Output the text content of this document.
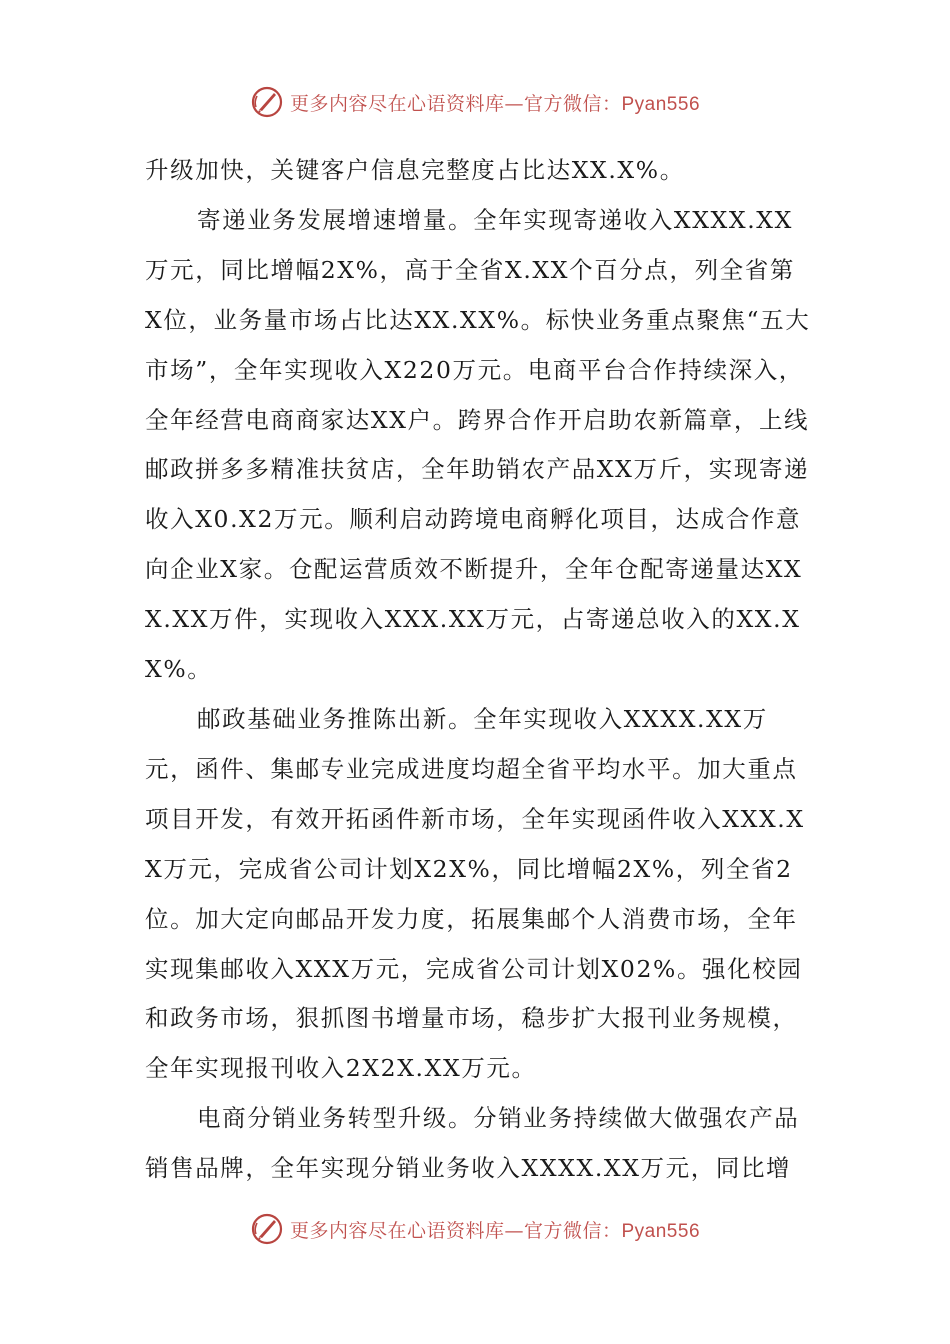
更多内容尽在心语资料库—官方微信：Pyan556

升级加快，关键客户信息完整度占比达XX.X%。

寄递业务发展增速增量。全年实现寄递收入XXXX.XX万元，同比增幅2X%，高于全省X.XX个百分点，列全省第X位，业务量市场占比达XX.XX%。标快业务重点聚焦“五大市场”，全年实现收入X220万元。电商平台合作持续深入，全年经营电商商家达XX户。跨界合作开启助农新篇章，上线邮政拼多多精准扶贫店，全年助销农产品XX万斤，实现寄递收入X0.X2万元。顺利启动跨境电商孵化项目，达成合作意向企业X家。仓配运营质效不断提升，全年仓配寄递量达XXX.XX万件，实现收入XXX.XX万元，占寄递总收入的XX.XX%。

邮政基础业务推陈出新。全年实现收入XXXX.XX万元，函件、集邮专业完成进度均超全省平均水平。加大重点项目开发，有效开拓函件新市场，全年实现函件收入XXX.XX万元，完成省公司计划X2X%，同比增幅2X%，列全省2位。加大定向邮品开发力度，拓展集邮个人消费市场，全年实现集邮收入XXX万元，完成省公司计划X02%。强化校园和政务市场，狠抓图书增量市场，稳步扩大报刊业务规模，全年实现报刊收入2X2X.XX万元。

电商分销业务转型升级。分销业务持续做大做强农产品销售品牌，全年实现分销业务收入XXXX.XX万元，同比增

更多内容尽在心语资料库—官方微信：Pyan556
